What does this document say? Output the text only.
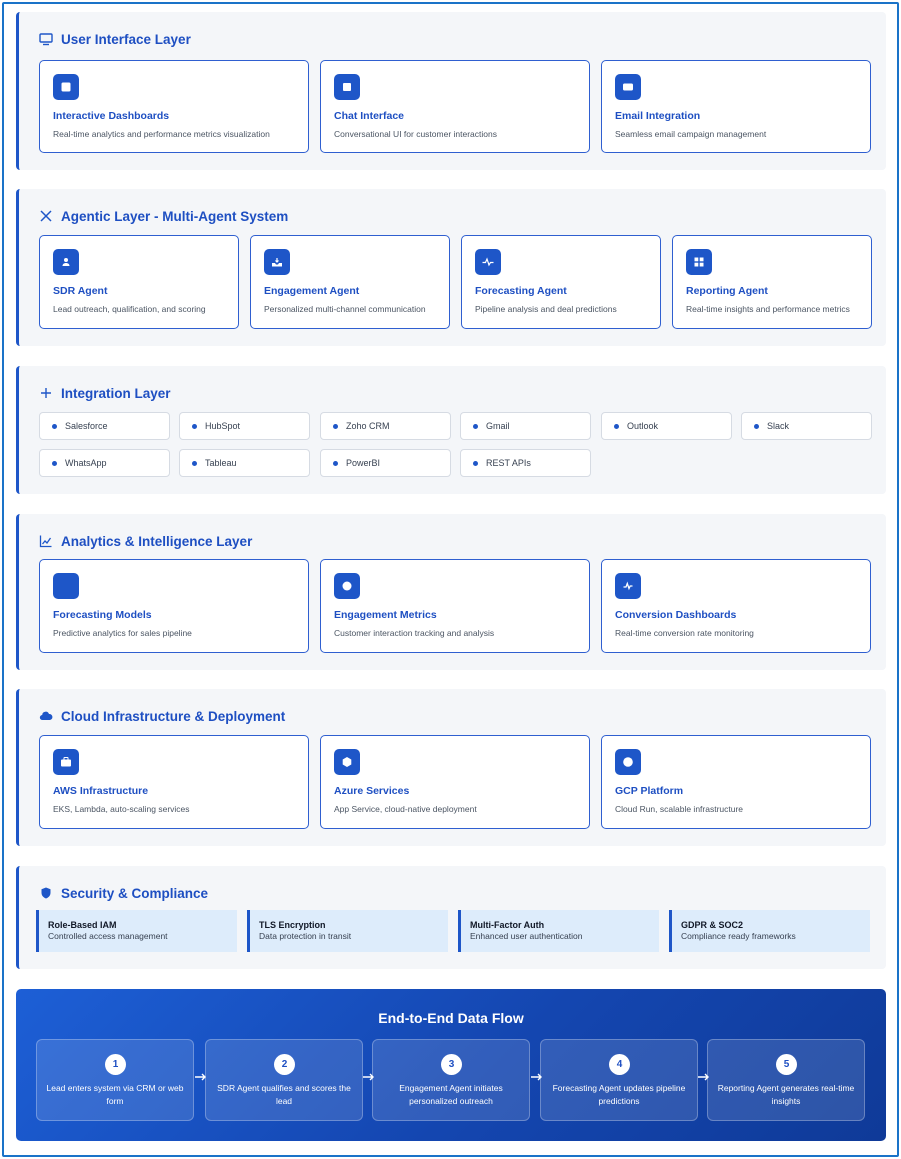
User Interface Layer
Interactive Dashboards
Real-time analytics and performance metrics visualization
Chat Interface
Conversational UI for customer interactions
Email Integration
Seamless email campaign management
Agentic Layer - Multi-Agent System
SDR Agent
Lead outreach, qualification, and scoring
Engagement Agent
Personalized multi-channel communication
Forecasting Agent
Pipeline analysis and deal predictions
Reporting Agent
Real-time insights and performance metrics
Integration Layer
Salesforce	HubSpot	Zoho CRM	Gmail	Outlook	Slack
WhatsApp	Tableau	PowerBI	REST APIs
Analytics & Intelligence Layer
Forecasting Models
Predictive analytics for sales pipeline
Engagement Metrics
Customer interaction tracking and analysis
Conversion Dashboards
Real-time conversion rate monitoring
Cloud Infrastructure & Deployment
AWS Infrastructure
EKS, Lambda, auto-scaling services
Azure Services
App Service, cloud-native deployment
GCP Platform
Cloud Run, scalable infrastructure
Security & Compliance
Role-Based IAM
Controlled access management
TLS Encryption
Data protection in transit
Multi-Factor Auth
Enhanced user authentication
GDPR & SOC2
Compliance ready frameworks
End-to-End Data Flow
1
Lead enters system via CRM or web form
2
SDR Agent qualifies and scores the lead
3
Engagement Agent initiates personalized outreach
4
Forecasting Agent updates pipeline predictions
5
Reporting Agent generates real-time insights
